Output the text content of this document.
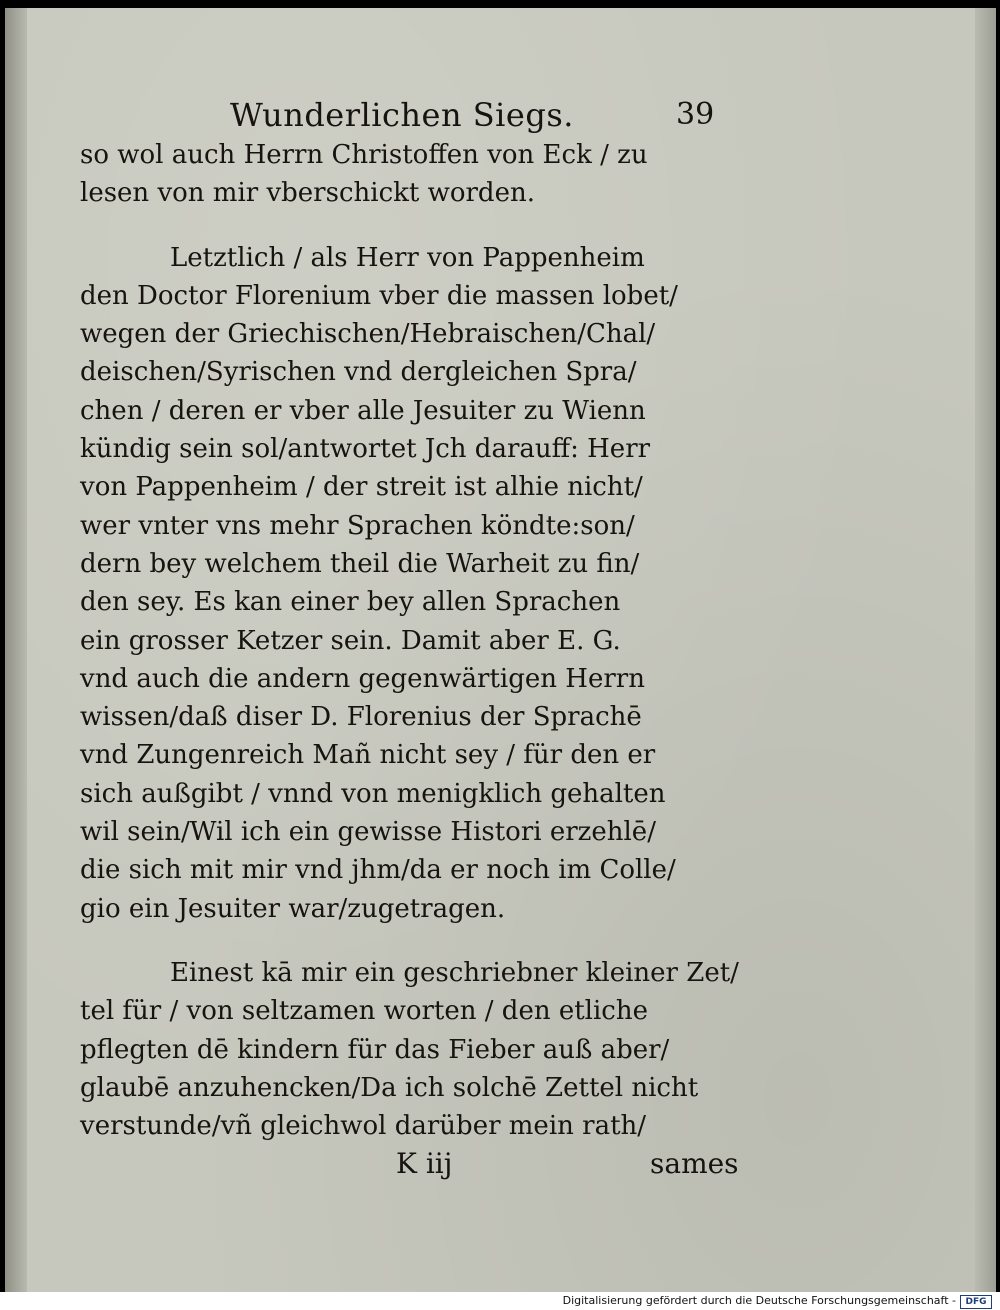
Wunderlichen Siegs.	39
so wol auch Herrn Christoffen von Eck / zu
lesen von mir vberschickt worden.
Letztlich / als Herr von Pappenheim
den Doctor Florenium vber die massen lobet/
wegen der Griechischen/Hebraischen/Chal/
deischen/Syrischen vnd dergleichen Spra/
chen / deren er vber alle Jesuiter zu Wienn
kündig sein sol/antwortet Jch darauff: Herr
von Pappenheim / der streit ist alhie nicht/
wer vnter vns mehr Sprachen köndte:son/
dern bey welchem theil die Warheit zu fin/
den sey. Es kan einer bey allen Sprachen
ein grosser Ketzer sein. Damit aber E. G.
vnd auch die andern gegenwärtigen Herrn
wissen/daß diser D. Florenius der Sprachē
vnd Zungenreich Mañ nicht sey / für den er
sich außgibt / vnnd von menigklich gehalten
wil sein/Wil ich ein gewisse Histori erzehlē/
die sich mit mir vnd jhm/da er noch im Colle/
gio ein Jesuiter war/zugetragen.
Einest kā mir ein geschriebner kleiner Zet/
tel für / von seltzamen worten / den etliche
pflegten dē kindern für das Fieber auß aber/
glaubē anzuhencken/Da ich solchē Zettel nicht
verstunde/vñ gleichwol darüber mein rath/
K iij	sames
Digitalisierung gefördert durch die Deutsche Forschungsgemeinschaft -	DFG
